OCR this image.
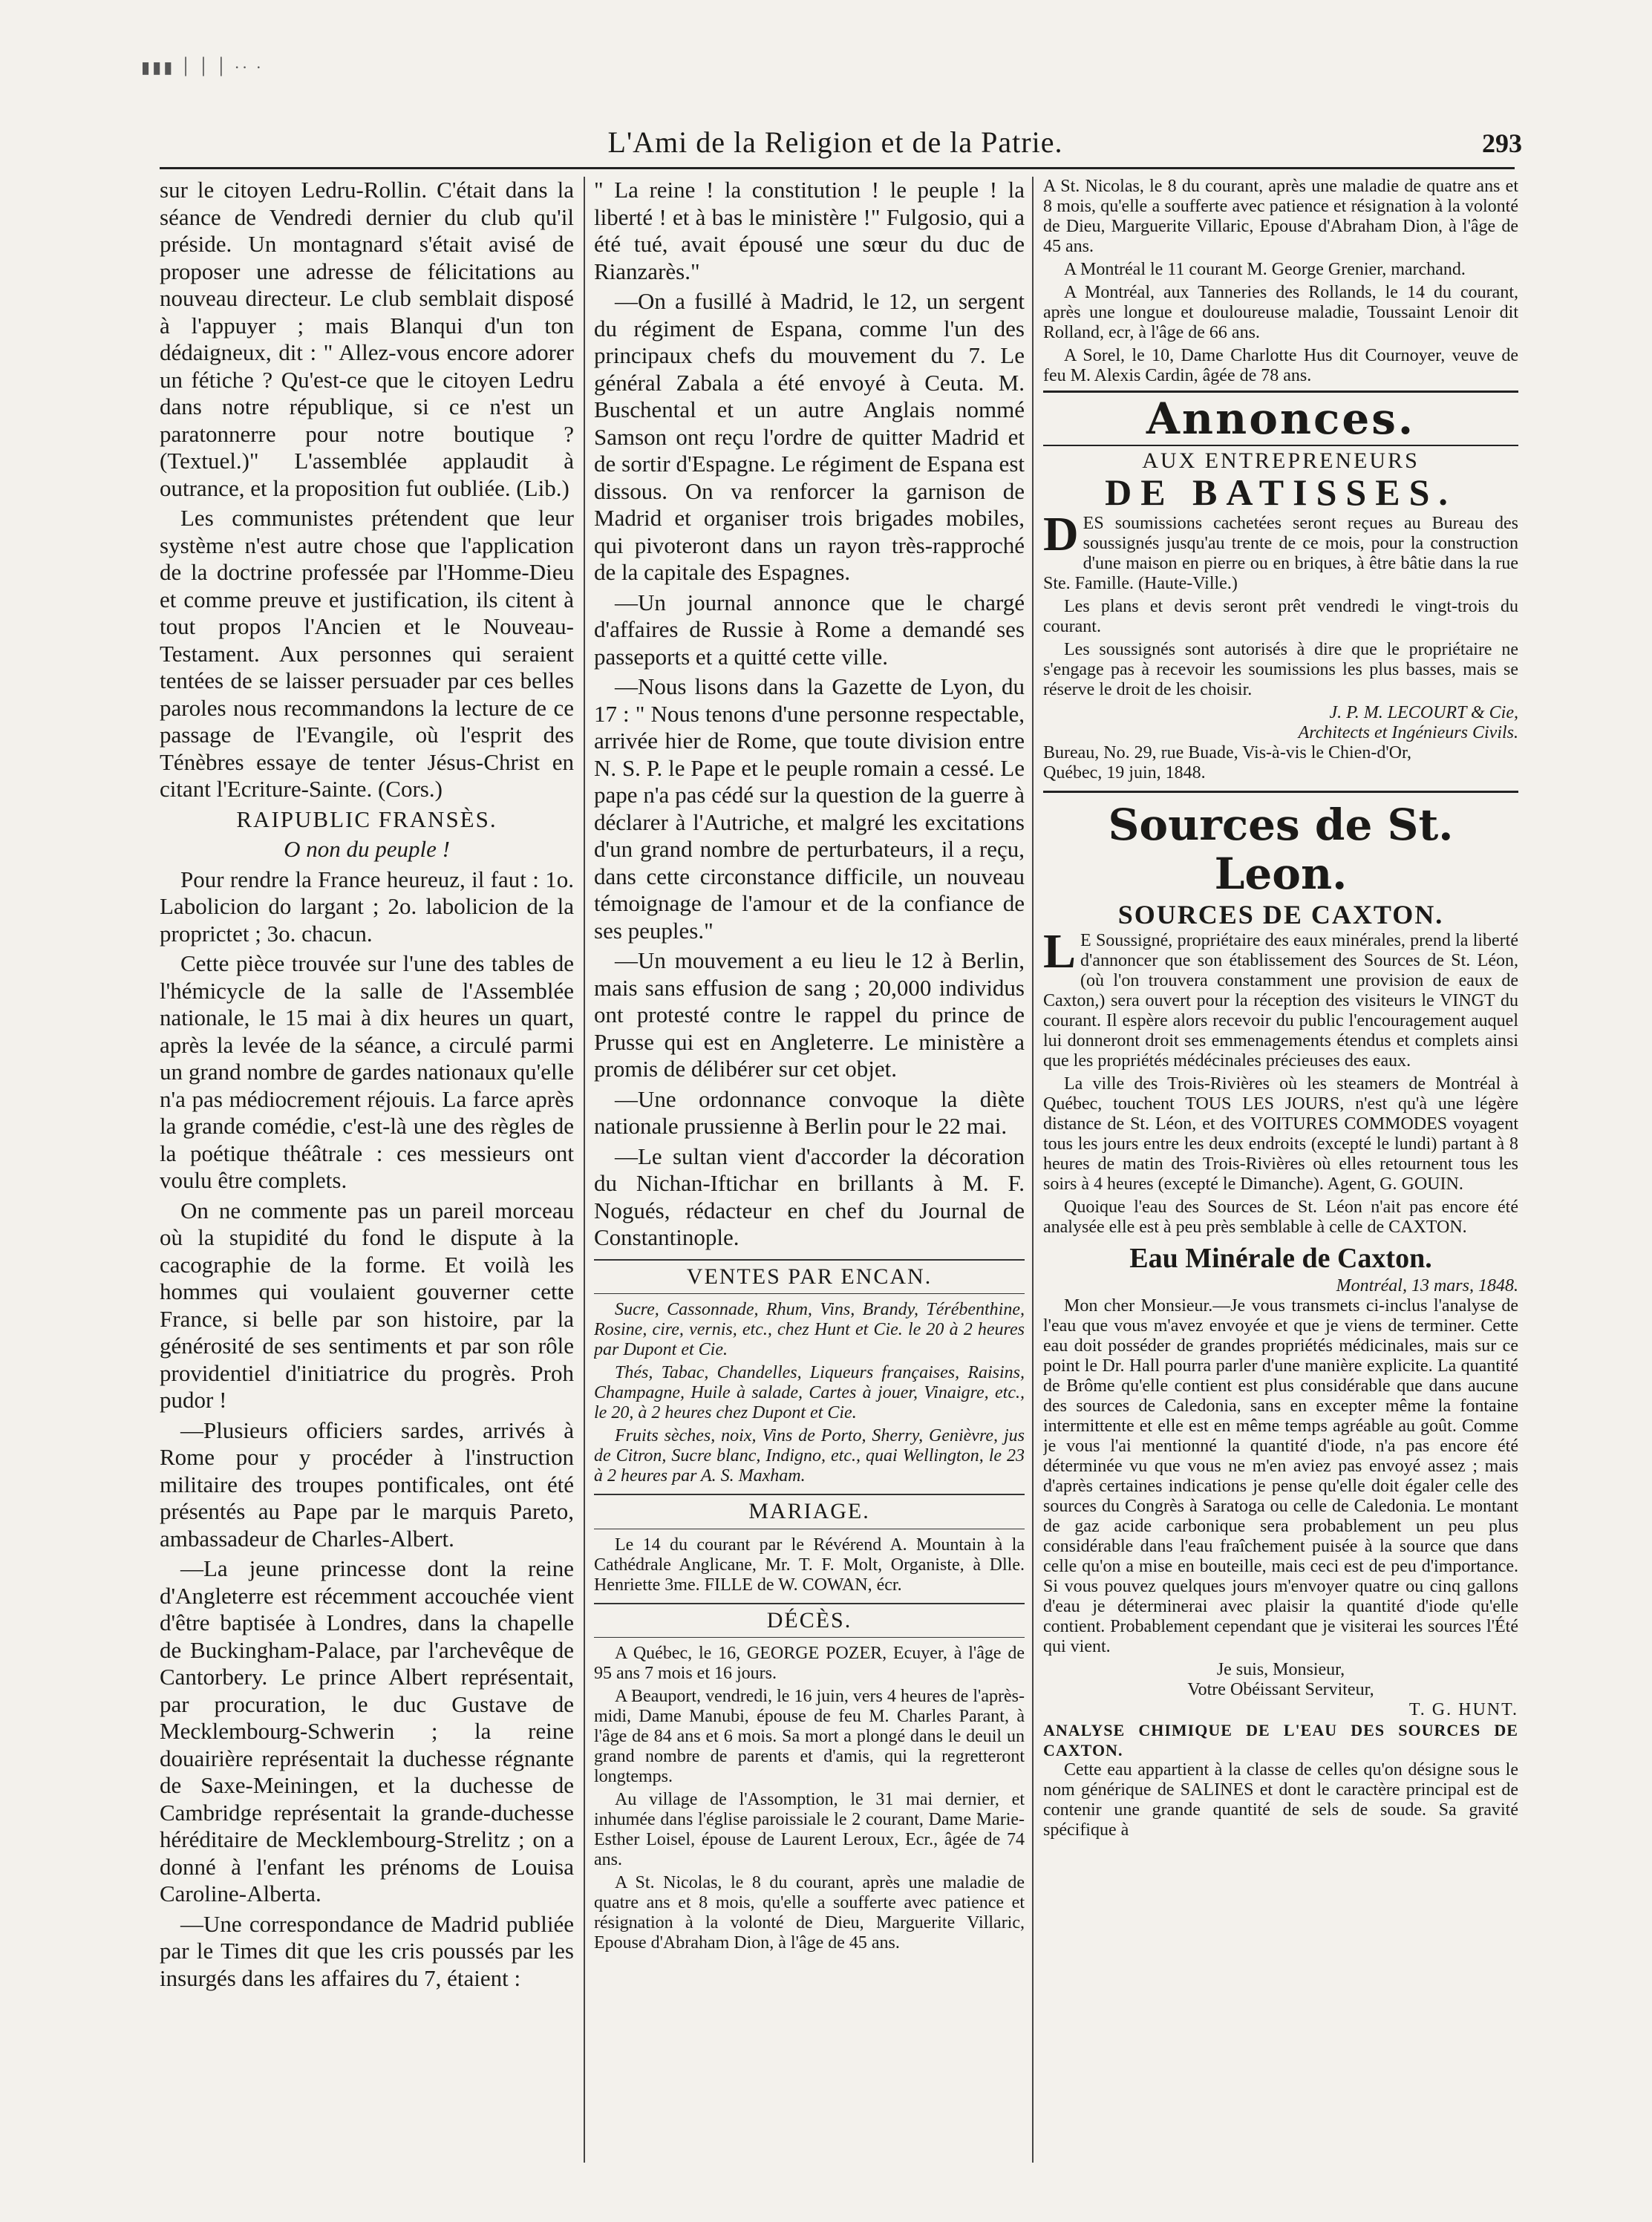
▮▮▮ ׀ ׀ ׀ ·· ·
L'Ami de la Religion et de la Patrie.	293

sur le citoyen Ledru-Rollin. C'était dans la séance de Vendredi dernier du club qu'il préside. Un montagnard s'était avisé de proposer une adresse de félicitations au nouveau directeur. Le club semblait disposé à l'appuyer ; mais Blanqui d'un ton dédaigneux, dit : " Allez-vous encore adorer un fétiche ? Qu'est-ce que le citoyen Ledru dans notre république, si ce n'est un paratonnerre pour notre boutique ? (Textuel.)" L'assemblée applaudit à outrance, et la proposition fut oubliée. (Lib.)

Les communistes prétendent que leur système n'est autre chose que l'application de la doctrine professée par l'Homme-Dieu et comme preuve et justification, ils citent à tout propos l'Ancien et le Nouveau-Testament. Aux personnes qui seraient tentées de se laisser persuader par ces belles paroles nous recommandons la lecture de ce passage de l'Evangile, où l'esprit des Ténèbres essaye de tenter Jésus-Christ en citant l'Ecriture-Sainte. (Cors.)

RAIPUBLIC FRANSÈS.

O non du peuple !

Pour rendre la France heureuz, il faut : 1o. Labolicion do largant ; 2o. labolicion de la proprictet ; 3o. chacun.

Cette pièce trouvée sur l'une des tables de l'hémicycle de la salle de l'Assemblée nationale, le 15 mai à dix heures un quart, après la levée de la séance, a circulé parmi un grand nombre de gardes nationaux qu'elle n'a pas médiocrement réjouis. La farce après la grande comédie, c'est-là une des règles de la poétique théâtrale : ces messieurs ont voulu être complets.

On ne commente pas un pareil morceau où la stupidité du fond le dispute à la cacographie de la forme. Et voilà les hommes qui voulaient gouverner cette France, si belle par son histoire, par la générosité de ses sentiments et par son rôle providentiel d'initiatrice du progrès. Proh pudor !

—Plusieurs officiers sardes, arrivés à Rome pour y procéder à l'instruction militaire des troupes pontificales, ont été présentés au Pape par le marquis Pareto, ambassadeur de Charles-Albert.

—La jeune princesse dont la reine d'Angleterre est récemment accouchée vient d'être baptisée à Londres, dans la chapelle de Buckingham-Palace, par l'archevêque de Cantorbery. Le prince Albert représentait, par procuration, le duc Gustave de Mecklembourg-Schwerin ; la reine douairière représentait la duchesse régnante de Saxe-Meiningen, et la duchesse de Cambridge représentait la grande-duchesse héréditaire de Mecklembourg-Strelitz ; on a donné à l'enfant les prénoms de Louisa Caroline-Alberta.

—Une correspondance de Madrid publiée par le Times dit que les cris poussés par les insurgés dans les affaires du 7, étaient :

" La reine ! la constitution ! le peuple ! la liberté ! et à bas le ministère !" Fulgosio, qui a été tué, avait épousé une sœur du duc de Rianzarès."

—On a fusillé à Madrid, le 12, un sergent du régiment de Espana, comme l'un des principaux chefs du mouvement du 7. Le général Zabala a été envoyé à Ceuta. M. Buschental et un autre Anglais nommé Samson ont reçu l'ordre de quitter Madrid et de sortir d'Espagne. Le régiment de Espana est dissous. On va renforcer la garnison de Madrid et organiser trois brigades mobiles, qui pivoteront dans un rayon très-rapproché de la capitale des Espagnes.

—Un journal annonce que le chargé d'affaires de Russie à Rome a demandé ses passeports et a quitté cette ville.

—Nous lisons dans la Gazette de Lyon, du 17 : " Nous tenons d'une personne respectable, arrivée hier de Rome, que toute division entre N. S. P. le Pape et le peuple romain a cessé. Le pape n'a pas cédé sur la question de la guerre à déclarer à l'Autriche, et malgré les excitations d'un grand nombre de perturbateurs, il a reçu, dans cette circonstance difficile, un nouveau témoignage de l'amour et de la confiance de ses peuples."

—Un mouvement a eu lieu le 12 à Berlin, mais sans effusion de sang ; 20,000 individus ont protesté contre le rappel du prince de Prusse qui est en Angleterre. Le ministère a promis de délibérer sur cet objet.

—Une ordonnance convoque la diète nationale prussienne à Berlin pour le 22 mai.

—Le sultan vient d'accorder la décoration du Nichan-Iftichar en brillants à M. F. Nogués, rédacteur en chef du Journal de Constantinople.

VENTES PAR ENCAN.

Sucre, Cassonnade, Rhum, Vins, Brandy, Térébenthine, Rosine, cire, vernis, etc., chez Hunt et Cie. le 20 à 2 heures par Dupont et Cie.

Thés, Tabac, Chandelles, Liqueurs françaises, Raisins, Champagne, Huile à salade, Cartes à jouer, Vinaigre, etc., le 20, à 2 heures chez Dupont et Cie.

Fruits sèches, noix, Vins de Porto, Sherry, Genièvre, jus de Citron, Sucre blanc, Indigno, etc., quai Wellington, le 23 à 2 heures par A. S. Maxham.

MARIAGE.

Le 14 du courant par le Révérend A. Mountain à la Cathédrale Anglicane, Mr. T. F. Molt, Organiste, à Dlle. Henriette 3me. FILLE de W. COWAN, écr.

DÉCÈS.

A Québec, le 16, GEORGE POZER, Ecuyer, à l'âge de 95 ans 7 mois et 16 jours.

A Beauport, vendredi, le 16 juin, vers 4 heures de l'après-midi, Dame Manubi, épouse de feu M. Charles Parant, à l'âge de 84 ans et 6 mois. Sa mort a plongé dans le deuil un grand nombre de parents et d'amis, qui la regretteront longtemps.

Au village de l'Assomption, le 31 mai dernier, et inhumée dans l'église paroissiale le 2 courant, Dame Marie-Esther Loisel, épouse de Laurent Leroux, Ecr., âgée de 74 ans.

A St. Nicolas, le 8 du courant, après une maladie de quatre ans et 8 mois, qu'elle a soufferte avec patience et résignation à la volonté de Dieu, Marguerite Villaric, Epouse d'Abraham Dion, à l'âge de 45 ans.

A St. Nicolas, le 8 du courant, après une maladie de quatre ans et 8 mois, qu'elle a soufferte avec patience et résignation à la volonté de Dieu, Marguerite Villaric, Epouse d'Abraham Dion, à l'âge de 45 ans.

A Montréal le 11 courant M. George Grenier, marchand.

A Montréal, aux Tanneries des Rollands, le 14 du courant, après une longue et douloureuse maladie, Toussaint Lenoir dit Rolland, ecr, à l'âge de 66 ans.

A Sorel, le 10, Dame Charlotte Hus dit Cournoyer, veuve de feu M. Alexis Cardin, âgée de 78 ans.

Annonces.
AUX ENTREPRENEURS
DE BATISSES.

DES soumissions cachetées seront reçues au Bureau des soussignés jusqu'au trente de ce mois, pour la construction d'une maison en pierre ou en briques, à être bâtie dans la rue Ste. Famille. (Haute-Ville.)

Les plans et devis seront prêt vendredi le vingt-trois du courant.

Les soussignés sont autorisés à dire que le propriétaire ne s'engage pas à recevoir les soumissions les plus basses, mais se réserve le droit de les choisir.

J. P. M. LECOURT & Cie,
Architects et Ingénieurs Civils.
Bureau, No. 29, rue Buade, Vis-à-vis le Chien-d'Or,
Québec, 19 juin, 1848.
Sources de St. Leon.
SOURCES DE CAXTON.

L E Soussigné, propriétaire des eaux minérales, prend la liberté d'annoncer que son établissement des Sources de St. Léon, (où l'on trouvera constamment une provision de eaux de Caxton,) sera ouvert pour la réception des visiteurs le VINGT du courant. Il espère alors recevoir du public l'encouragement auquel lui donneront droit ses emmenagements étendus et complets ainsi que les propriétés médécinales précieuses des eaux.

La ville des Trois-Rivières où les steamers de Montréal à Québec, touchent TOUS LES JOURS, n'est qu'à une légère distance de St. Léon, et des VOITURES COMMODES voyagent tous les jours entre les deux endroits (excepté le lundi) partant à 8 heures de matin des Trois-Rivières où elles retournent tous les soirs à 4 heures (excepté le Dimanche). Agent, G. GOUIN.

Quoique l'eau des Sources de St. Léon n'ait pas encore été analysée elle est à peu près semblable à celle de CAXTON.

Eau Minérale de Caxton.
Montréal, 13 mars, 1848.

Mon cher Monsieur.—Je vous transmets ci-inclus l'analyse de l'eau que vous m'avez envoyée et que je viens de terminer. Cette eau doit posséder de grandes propriétés médicinales, mais sur ce point le Dr. Hall pourra parler d'une manière explicite. La quantité de Brôme qu'elle contient est plus considérable que dans aucune des sources de Caledonia, sans en excepter même la fontaine intermittente et elle est en même temps agréable au goût. Comme je vous l'ai mentionné la quantité d'iode, n'a pas encore été déterminée vu que vous ne m'en aviez pas envoyé assez ; mais d'après certaines indications je pense qu'elle doit égaler celle des sources du Congrès à Saratoga ou celle de Caledonia. Le montant de gaz acide carbonique sera probablement un peu plus considérable dans l'eau fraîchement puisée à la source que dans celle qu'on a mise en bouteille, mais ceci est de peu d'importance. Si vous pouvez quelques jours m'envoyer quatre ou cinq gallons d'eau je déterminerai avec plaisir la quantité d'iode qu'elle contient. Probablement cependant que je visiterai les sources l'Été qui vient.

Je suis, Monsieur,
Votre Obéissant Serviteur,
T. G. HUNT.
ANALYSE CHIMIQUE DE L'EAU DES SOURCES DE CAXTON.

Cette eau appartient à la classe de celles qu'on désigne sous le nom générique de SALINES et dont le caractère principal est de contenir une grande quantité de sels de soude. Sa gravité spécifique à
